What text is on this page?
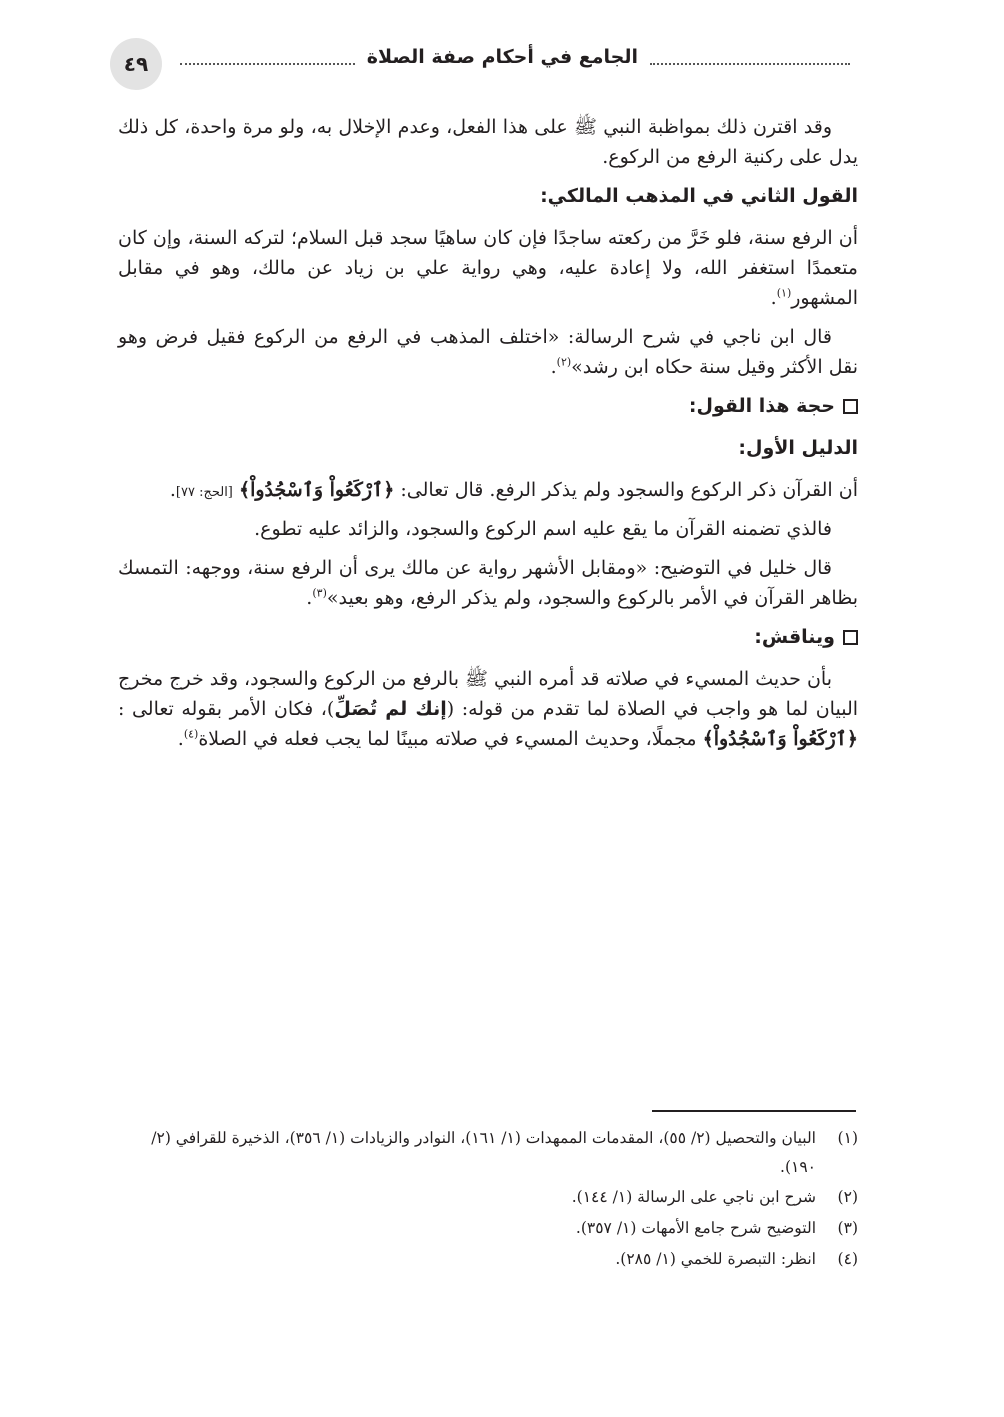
٤٩	الجامع في أحكام صفة الصلاة

وقد اقترن ذلك بمواظبة النبي ﷺ على هذا الفعل، وعدم الإخلال به، ولو مرة واحدة، كل ذلك يدل على ركنية الرفع من الركوع.

القول الثاني في المذهب المالكي:

أن الرفع سنة، فلو خَرَّ من ركعته ساجدًا فإن كان ساهيًا سجد قبل السلام؛ لتركه السنة، وإن كان متعمدًا استغفر الله، ولا إعادة عليه، وهي رواية علي بن زياد عن مالك، وهو في مقابل المشهور$^{(١)}$.

قال ابن ناجي في شرح الرسالة: «اختلف المذهب في الرفع من الركوع فقيل فرض وهو نقل الأكثر وقيل سنة حكاه ابن رشد»$^{(٢)}$.

حجة هذا القول:
الدليل الأول:

أن القرآن ذكر الركوع والسجود ولم يذكر الرفع. قال تعالى: ﴿ٱرْكَعُواْ وَٱسْجُدُواْ﴾ [الحج: ٧٧].

فالذي تضمنه القرآن ما يقع عليه اسم الركوع والسجود، والزائد عليه تطوع.

قال خليل في التوضيح: «ومقابل الأشهر رواية عن مالك يرى أن الرفع سنة، ووجهه: التمسك بظاهر القرآن في الأمر بالركوع والسجود، ولم يذكر الرفع، وهو بعيد»$^{(٣)}$.

ويناقش:

بأن حديث المسيء في صلاته قد أمره النبي ﷺ بالرفع من الركوع والسجود، وقد خرج مخرج البيان لما هو واجب في الصلاة لما تقدم من قوله: (إنك لم تُصَلِّ)، فكان الأمر بقوله تعالى : ﴿ٱرْكَعُواْ وَٱسْجُدُواْ﴾ مجملًا، وحديث المسيء في صلاته مبينًا لما يجب فعله في الصلاة$^{(٤)}$.

(١)
البيان والتحصيل (٢/ ٥٥)، المقدمات الممهدات (١/ ١٦١)، النوادر والزيادات (١/ ٣٥٦)، الذخيرة للقرافي (٢/ ١٩٠).
(٢)
شرح ابن ناجي على الرسالة (١/ ١٤٤).
(٣)
التوضيح شرح جامع الأمهات (١/ ٣٥٧).
(٤)
انظر: التبصرة للخمي (١/ ٢٨٥).
